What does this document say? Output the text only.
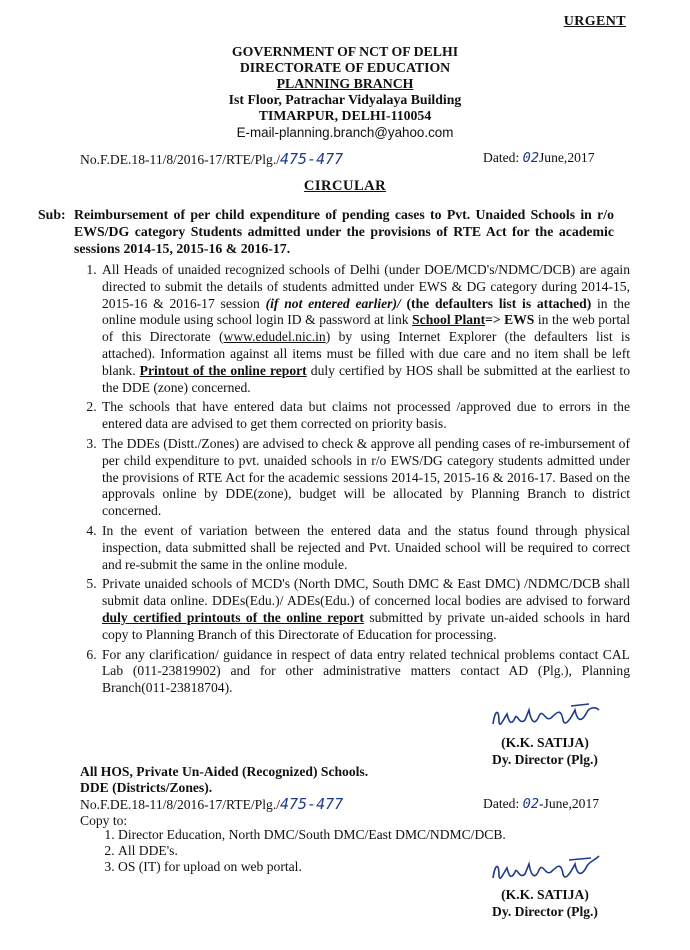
URGENT
GOVERNMENT OF NCT OF DELHI
DIRECTORATE OF EDUCATION
PLANNING BRANCH
Ist Floor, Patrachar Vidyalaya Building
TIMARPUR, DELHI-110054
E-mail-planning.branch@yahoo.com
No.F.DE.18-11/8/2016-17/RTE/Plg./475-477	Dated: 02June,2017
CIRCULAR
Sub: Reimbursement of per child expenditure of pending cases to Pvt. Unaided Schools in r/o EWS/DG category Students admitted under the provisions of RTE Act for the academic sessions 2014-15, 2015-16 & 2016-17.
1. All Heads of unaided recognized schools of Delhi (under DOE/MCD's/NDMC/DCB) are again directed to submit the details of students admitted under EWS & DG category during 2014-15, 2015-16 & 2016-17 session (if not entered earlier)/ (the defaulters list is attached) in the online module using school login ID & password at link School Plant=> EWS in the web portal of this Directorate (www.edudel.nic.in) by using Internet Explorer (the defaulters list is attached). Information against all items must be filled with due care and no item shall be left blank. Printout of the online report duly certified by HOS shall be submitted at the earliest to the DDE (zone) concerned.
2. The schools that have entered data but claims not processed /approved due to errors in the entered data are advised to get them corrected on priority basis.
3. The DDEs (Distt./Zones) are advised to check & approve all pending cases of re-imbursement of per child expenditure to pvt. unaided schools in r/o EWS/DG category students admitted under the provisions of RTE Act for the academic sessions 2014-15, 2015-16 & 2016-17. Based on the approvals online by DDE(zone), budget will be allocated by Planning Branch to district concerned.
4. In the event of variation between the entered data and the status found through physical inspection, data submitted shall be rejected and Pvt. Unaided school will be required to correct and re-submit the same in the online module.
5. Private unaided schools of MCD's (North DMC, South DMC & East DMC) /NDMC/DCB shall submit data online. DDEs(Edu.)/ ADEs(Edu.) of concerned local bodies are advised to forward duly certified printouts of the online report submitted by private un-aided schools in hard copy to Planning Branch of this Directorate of Education for processing.
6. For any clarification/ guidance in respect of data entry related technical problems contact CAL Lab (011-23819902) and for other administrative matters contact AD (Plg.), Planning Branch(011-23818704).
(K.K. SATIJA)
Dy. Director (Plg.)
All HOS, Private Un-Aided (Recognized) Schools.
DDE (Districts/Zones).
No.F.DE.18-11/8/2016-17/RTE/Plg./475-477
Copy to:
Dated: 02-June,2017
1. Director Education, North DMC/South DMC/East DMC/NDMC/DCB.
2. All DDE's.
3. OS (IT) for upload on web portal.
(K.K. SATIJA)
Dy. Director (Plg.)
